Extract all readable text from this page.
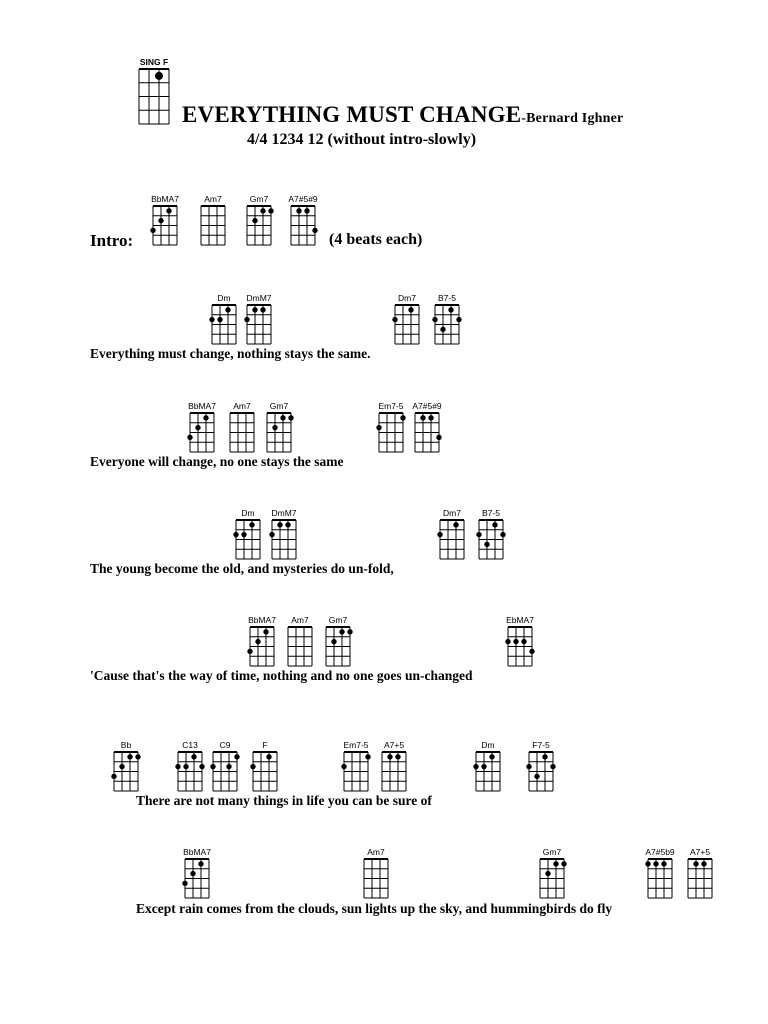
SING F
EVERYTHING MUST CHANGE-Bernard Ighner
4/4 1234 12 (without intro-slowly)
Intro:	(4 beats each)
BbMA7	Am7	Gm7	A7#5#9
Dm	DmM7	Dm7	B7-5
Everything must change, nothing stays the same.
BbMA7	Am7	Gm7	Em7-5 A7#5#9
Everyone will change, no one stays the same
Dm	DmM7	Dm7	B7-5
The young become the old, and mysteries do un-fold,
BbMA7	Am7	Gm7	EbMA7
'Cause that's the way of time, nothing and no one goes un-changed
Bb	C13	C9	F	Em7-5	A7+5	Dm	F7-5
There are not many things in life you can be sure of
BbMA7	Am7	Gm7	A7#5b9	A7+5
Except rain comes from the clouds, sun lights up the sky, and hummingbirds do fly
